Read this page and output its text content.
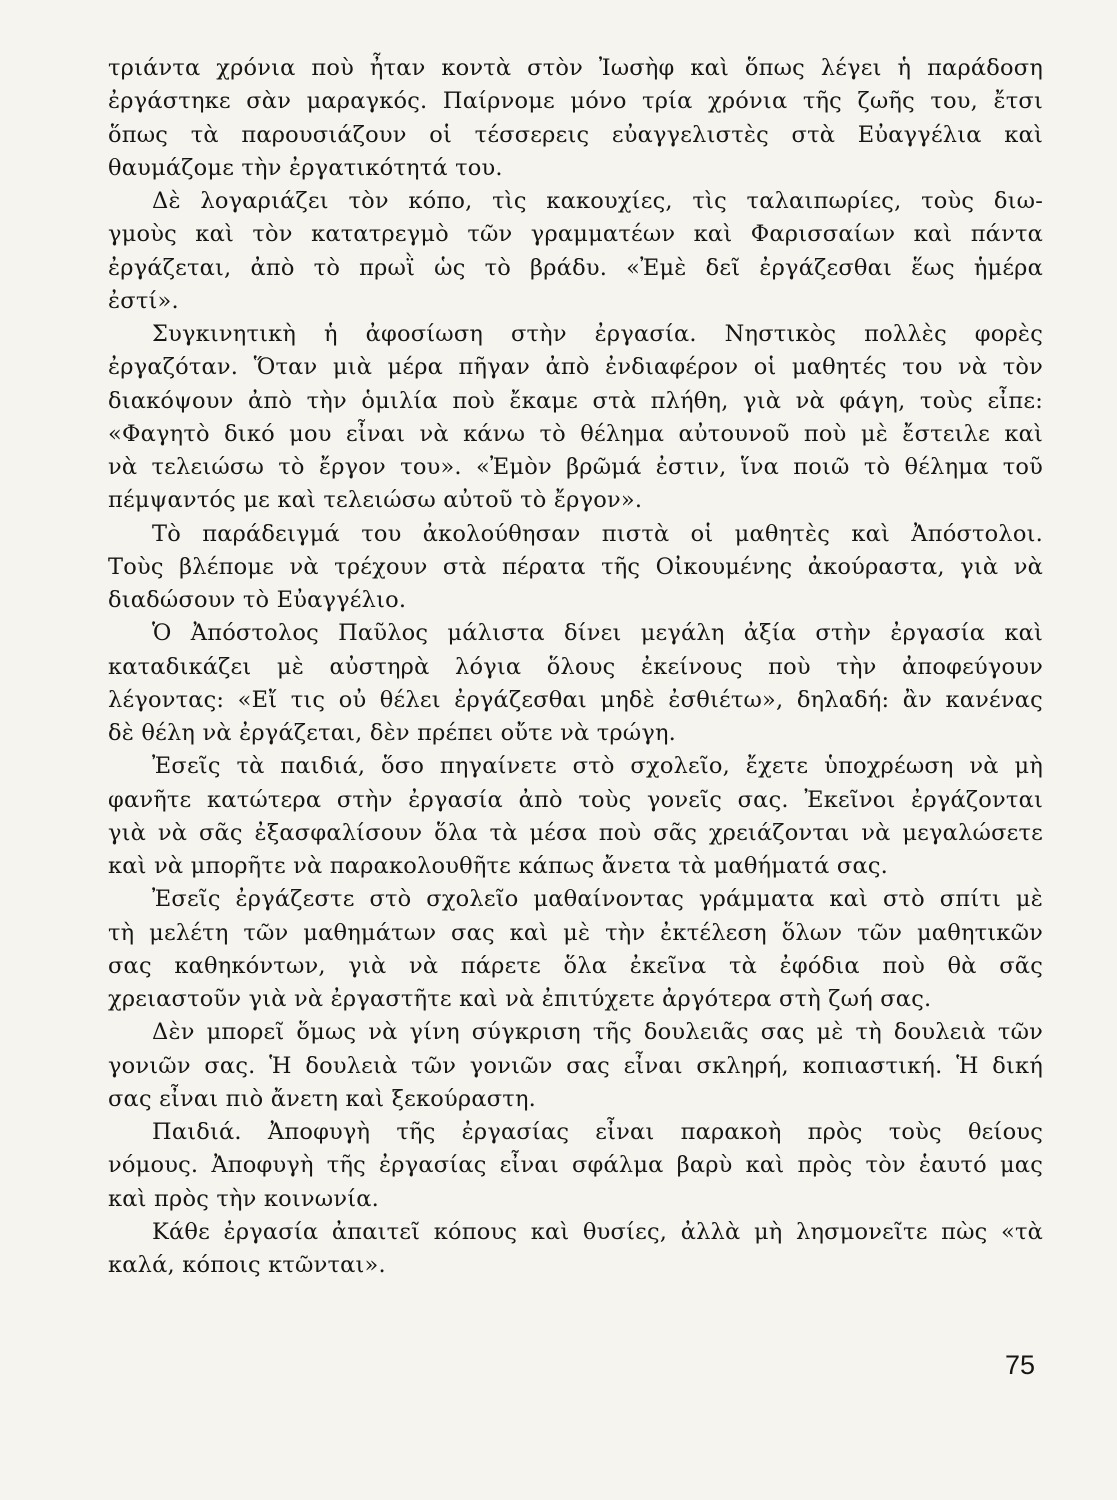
τριάντα χρόνια ποὺ ἦταν κοντὰ στὸν Ἰωσὴφ καὶ ὅπως λέγει ἡ παράδοση
ἐργάστηκε σὰν μαραγκός. Παίρνομε μόνο τρία χρόνια τῆς ζωῆς του, ἔτσι
ὅπως τὰ παρουσιάζουν οἱ τέσσερεις εὐαγγελιστὲς στὰ Εὐαγγέλια καὶ
θαυμάζομε τὴν ἐργατικότητά του.
Δὲ λογαριάζει τὸν κόπο, τὶς κακουχίες, τὶς ταλαιπωρίες, τοὺς διω-
γμοὺς καὶ τὸν κατατρεγμὸ τῶν γραμματέων καὶ Φαρισσαίων καὶ πάντα
ἐργάζεται, ἀπὸ τὸ πρωῒ ὡς τὸ βράδυ. «Ἐμὲ δεῖ ἐργάζεσθαι ἕως ἡμέρα
ἐστί».
Συγκινητικὴ ἡ ἀφοσίωση στὴν ἐργασία. Νηστικὸς πολλὲς φορὲς
ἐργαζόταν. Ὅταν μιὰ μέρα πῆγαν ἀπὸ ἐνδιαφέρον οἱ μαθητές του νὰ τὸν
διακόψουν ἀπὸ τὴν ὁμιλία ποὺ ἔκαμε στὰ πλήθη, γιὰ νὰ φάγη, τοὺς εἶπε:
«Φαγητὸ δικό μου εἶναι νὰ κάνω τὸ θέλημα αὐτουνοῦ ποὺ μὲ ἔστειλε καὶ
νὰ τελειώσω τὸ ἔργον του». «Ἐμὸν βρῶμά ἐστιν, ἵνα ποιῶ τὸ θέλημα τοῦ
πέμψαντός με καὶ τελειώσω αὐτοῦ τὸ ἔργον».
Τὸ παράδειγμά του ἀκολούθησαν πιστὰ οἱ μαθητὲς καὶ Ἀπόστολοι.
Τοὺς βλέπομε νὰ τρέχουν στὰ πέρατα τῆς Οἰκουμένης ἀκούραστα, γιὰ νὰ
διαδώσουν τὸ Εὐαγγέλιο.
Ὁ Ἀπόστολος Παῦλος μάλιστα δίνει μεγάλη ἀξία στὴν ἐργασία καὶ
καταδικάζει μὲ αὐστηρὰ λόγια ὅλους ἐκείνους ποὺ τὴν ἀποφεύγουν
λέγοντας: «Εἴ τις οὐ θέλει ἐργάζεσθαι μηδὲ ἐσθιέτω», δηλαδή: ἂν κανένας
δὲ θέλη νὰ ἐργάζεται, δὲν πρέπει οὔτε νὰ τρώγη.
Ἐσεῖς τὰ παιδιά, ὅσο πηγαίνετε στὸ σχολεῖο, ἔχετε ὑποχρέωση νὰ μὴ
φανῆτε κατώτερα στὴν ἐργασία ἀπὸ τοὺς γονεῖς σας. Ἐκεῖνοι ἐργάζονται
γιὰ νὰ σᾶς ἐξασφαλίσουν ὅλα τὰ μέσα ποὺ σᾶς χρειάζονται νὰ μεγαλώσετε
καὶ νὰ μπορῆτε νὰ παρακολουθῆτε κάπως ἄνετα τὰ μαθήματά σας.
Ἐσεῖς ἐργάζεστε στὸ σχολεῖο μαθαίνοντας γράμματα καὶ στὸ σπίτι μὲ
τὴ μελέτη τῶν μαθημάτων σας καὶ μὲ τὴν ἐκτέλεση ὅλων τῶν μαθητικῶν
σας καθηκόντων, γιὰ νὰ πάρετε ὅλα ἐκεῖνα τὰ ἐφόδια ποὺ θὰ σᾶς
χρειαστοῦν γιὰ νὰ ἐργαστῆτε καὶ νὰ ἐπιτύχετε ἀργότερα στὴ ζωή σας.
Δὲν μπορεῖ ὅμως νὰ γίνη σύγκριση τῆς δουλειᾶς σας μὲ τὴ δουλειὰ τῶν
γονιῶν σας. Ἡ δουλειὰ τῶν γονιῶν σας εἶναι σκληρή, κοπιαστική. Ἡ δική
σας εἶναι πιὸ ἄνετη καὶ ξεκούραστη.
Παιδιά. Ἀποφυγὴ τῆς ἐργασίας εἶναι παρακοὴ πρὸς τοὺς θείους
νόμους. Ἀποφυγὴ τῆς ἐργασίας εἶναι σφάλμα βαρὺ καὶ πρὸς τὸν ἑαυτό μας
καὶ πρὸς τὴν κοινωνία.
Κάθε ἐργασία ἀπαιτεῖ κόπους καὶ θυσίες, ἀλλὰ μὴ λησμονεῖτε πὼς «τὰ
καλά, κόποις κτῶνται».
75
